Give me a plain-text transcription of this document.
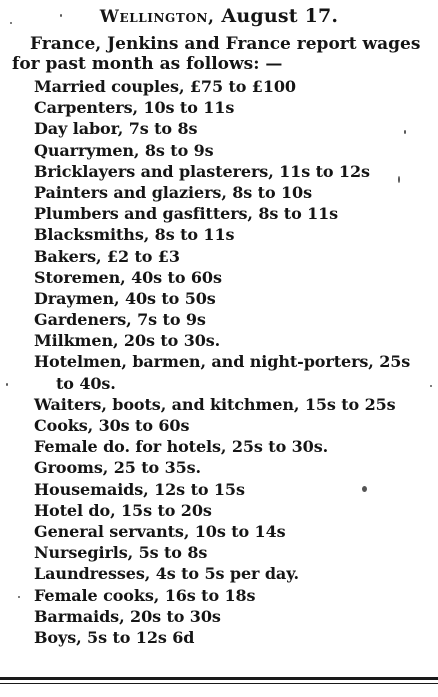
Wellington, August 17.
France, Jenkins and France report wages
for past month as follows: —
Married couples, £75 to £100
Carpenters, 10s to 11s
Day labor, 7s to 8s
Quarrymen, 8s to 9s
Bricklayers and plasterers, 11s to 12s
Painters and glaziers, 8s to 10s
Plumbers and gasfitters, 8s to 11s
Blacksmiths, 8s to 11s
Bakers, £2 to £3
Storemen, 40s to 60s
Draymen, 40s to 50s
Gardeners, 7s to 9s
Milkmen, 20s to 30s.
Hotelmen, barmen, and night-porters, 25s
to 40s.
Waiters, boots, and kitchmen, 15s to 25s
Cooks, 30s to 60s
Female do. for hotels, 25s to 30s.
Grooms, 25 to 35s.
Housemaids, 12s to 15s
Hotel do, 15s to 20s
General servants, 10s to 14s
Nursegirls, 5s to 8s
Laundresses, 4s to 5s per day.
Female cooks, 16s to 18s
Barmaids, 20s to 30s
Boys, 5s to 12s 6d
